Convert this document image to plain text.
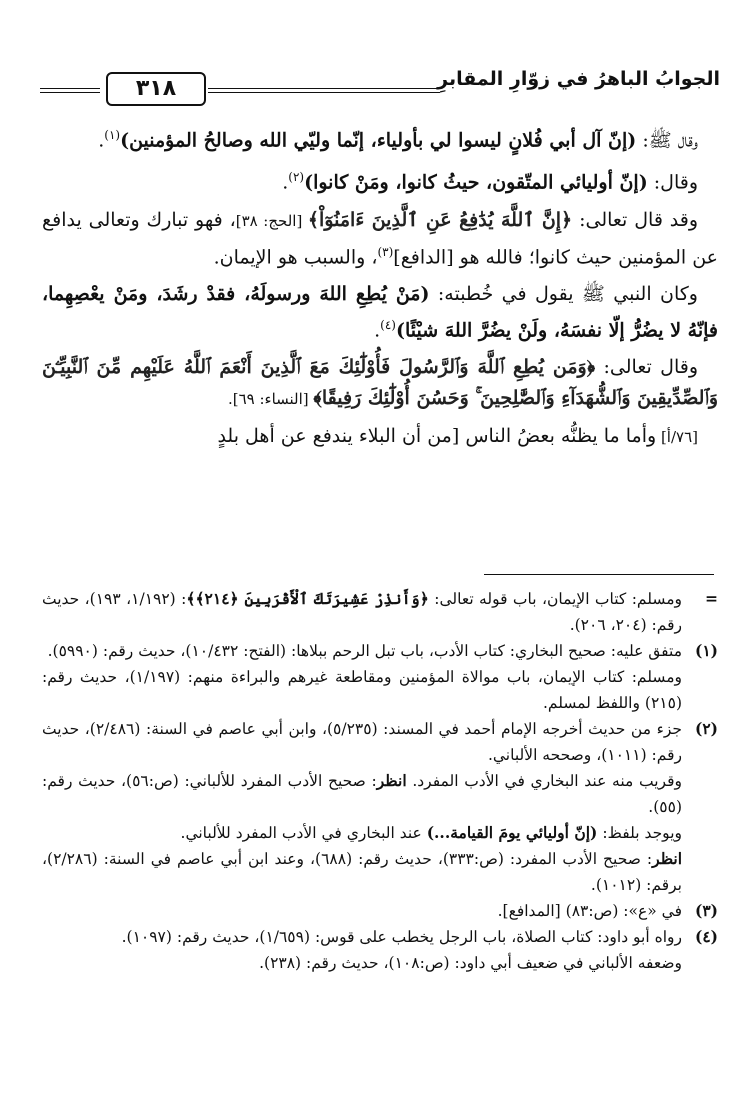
الجوابُ الباهرُ في زوّارِ المقابرِ
٣١٨

وقال ﷺ: (إنّ آل أبي فُلانٍ ليسوا لي بأولياء، إنّما وليّي الله وصالحُ المؤمنين)$^{(١)}$.

وقال: (إنّ أوليائي المتّقون، حيثُ كانوا، ومَنْ كانوا)$^{(٢)}$.

وقد قال تعالى: ﴿إِنَّ ٱللَّهَ يُدَٰفِعُ عَنِ ٱلَّذِينَ ءَامَنُوٓاْ﴾ [الحج: ٣٨]، فهو تبارك وتعالى يدافع عن المؤمنين حيث كانوا؛ فالله هو [الدافع]$^{(٣)}$، والسبب هو الإيمان.

وكان النبي ﷺ يقول في خُطبته: (مَنْ يُطِعِ اللهَ ورسولَهُ، فقدْ رشَدَ، ومَنْ يعْصِهِما، فإنّهُ لا يضُرُّ إلّا نفسَهُ، ولَنْ يضُرَّ اللهَ شيْئًا)$^{(٤)}$.

وقال تعالى: ﴿وَمَن يُطِعِ ٱللَّهَ وَٱلرَّسُولَ فَأُوْلَٰٓئِكَ مَعَ ٱلَّذِينَ أَنْعَمَ ٱللَّهُ عَلَيْهِم مِّنَ ٱلنَّبِيِّـۧنَ وَٱلصِّدِّيقِينَ وَٱلشُّهَدَآءِ وَٱلصَّٰلِحِينَ ۚ وَحَسُنَ أُوْلَٰٓئِكَ رَفِيقًا﴾ [النساء: ٦٩].

[٧٦/أ] وأما ما يظنُّه بعضُ الناس [من أن البلاء يندفع عن أهل بلدٍ

=
ومسلم: كتاب الإيمان، باب قوله تعالى: ﴿وَأَنذِرْ عَشِيرَتَكَ ٱلْأَقْرَبِينَ ﴿٢١٤﴾﴾: (١/١٩٢، ١٩٣)، حديث رقم: (٢٠٤، ٢٠٦).
(١)
متفق عليه: صحيح البخاري: كتاب الأدب، باب تبل الرحم ببلاها: (الفتح: ١٠/٤٣٢)، حديث رقم: (٥٩٩٠).
ومسلم: كتاب الإيمان، باب موالاة المؤمنين ومقاطعة غيرهم والبراءة منهم: (١/١٩٧)، حديث رقم: (٢١٥) واللفظ لمسلم.
(٢)
جزء من حديث أخرجه الإمام أحمد في المسند: (٥/٢٣٥)، وابن أبي عاصم في السنة: (٢/٤٨٦)، حديث رقم: (١٠١١)، وصححه الألباني.
وقريب منه عند البخاري في الأدب المفرد. انظر: صحيح الأدب المفرد للألباني: (ص:٥٦)، حديث رقم: (٥٥).
ويوجد بلفظ: (إنّ أوليائي يومَ القيامة...) عند البخاري في الأدب المفرد للألباني.
انظر: صحيح الأدب المفرد: (ص:٣٣٣)، حديث رقم: (٦٨٨)، وعند ابن أبي عاصم في السنة: (٢/٢٨٦)، برقم: (١٠١٢).
(٣)
في «ع»: (ص:٨٣) [المدافع].
(٤)
رواه أبو داود: كتاب الصلاة، باب الرجل يخطب على قوس: (١/٦٥٩)، حديث رقم: (١٠٩٧).
وضعفه الألباني في ضعيف أبي داود: (ص:١٠٨)، حديث رقم: (٢٣٨).
